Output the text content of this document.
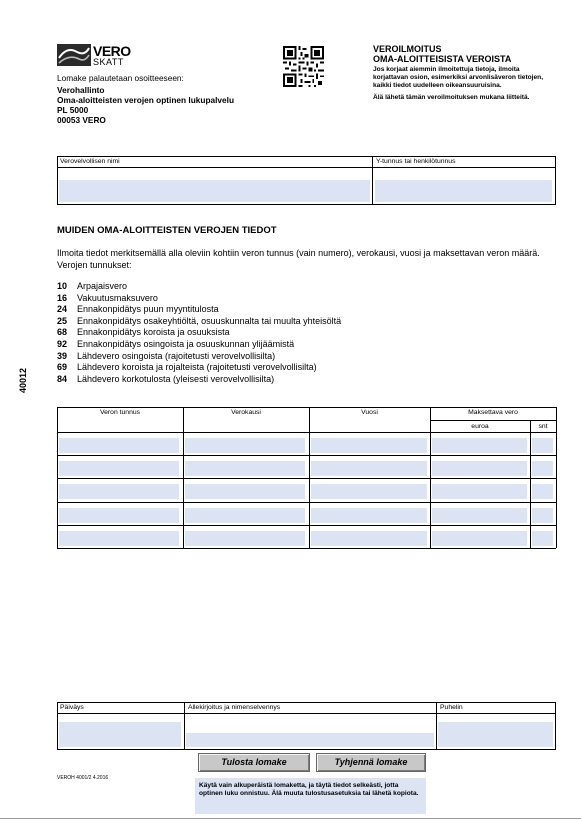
VERO
SKATT
Lomake palautetaan osoitteeseen:
Verohallinto
Oma-aloitteisten verojen optinen lukupalvelu
PL 5000
00053 VERO
VEROILMOITUS
OMA-ALOITTEISISTA VEROISTA
Jos korjaat aiemmin ilmoitettuja tietoja, ilmoita korjattavan osion, esimerkiksi arvonlisäveron tietojen, kaikki tiedot uudelleen oikeansuuruisina.
Älä lähetä tämän veroilmoituksen mukana liitteitä.
Verovelvollisen nimi	Y-tunnus tai henkilötunnus
MUIDEN OMA-ALOITTEISTEN VEROJEN TIEDOT
Ilmoita tiedot merkitsemällä alla oleviin kohtiin veron tunnus (vain numero), verokausi, vuosi ja maksettavan veron määrä. Verojen tunnukset:
10 Arpajaisvero
16 Vakuutusmaksuvero
24 Ennakonpidätys puun myyntitulosta
25 Ennakonpidätys osakeyhtiöltä, osuuskunnalta tai muulta yhteisöltä
68 Ennakonpidätys koroista ja osuuksista
92 Ennakonpidätys osingoista ja osuuskunnan ylijäämistä
39 Lähdevero osingoista (rajoitetusti verovelvollisilta)
69 Lähdevero koroista ja rojalteista (rajoitetusti verovelvollisilta)
84 Lähdevero korkotulosta (yleisesti verovelvollisilta)
40012
Veron tunnus	Verokausi	Vuosi	Maksettava vero
euroa	snt
Päiväys	Allekirjoitus ja nimenselvennys	Puhelin
Tulosta lomake	Tyhjennä lomake
VEROH 4001/2 4.2016
Käytä vain alkuperäistä lomaketta, ja täytä tiedot selkeästi, jotta optinen luku onnistuu. Älä muuta tulostusasetuksia tai lähetä kopiota.
